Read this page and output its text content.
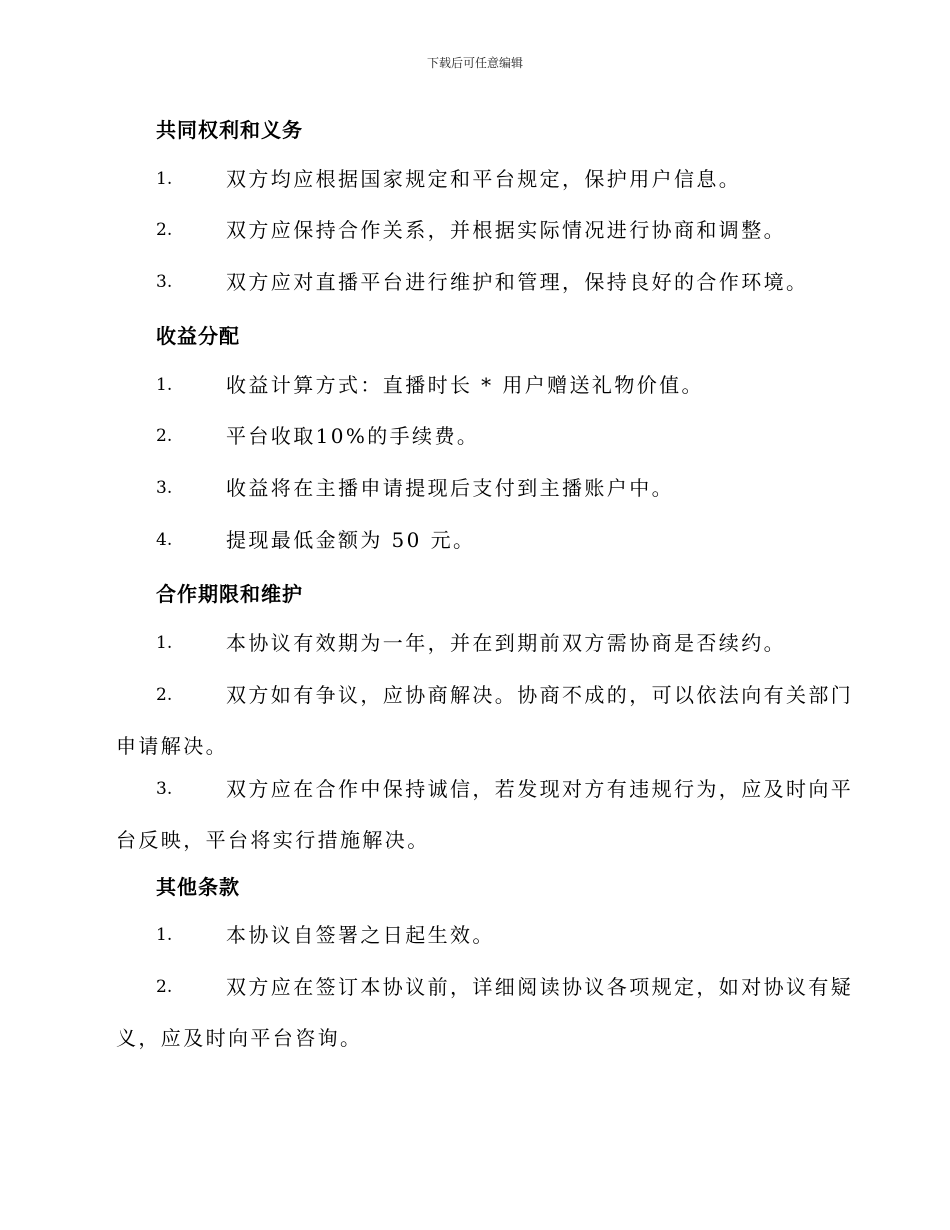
下载后可任意编辑
共同权利和义务
1.	双方均应根据国家规定和平台规定，保护用户信息。
2.	双方应保持合作关系，并根据实际情况进行协商和调整。
3.	双方应对直播平台进行维护和管理，保持良好的合作环境。
收益分配
1.	收益计算方式：直播时长 * 用户赠送礼物价值。
2.	平台收取10%的手续费。
3.	收益将在主播申请提现后支付到主播账户中。
4.	提现最低金额为 50 元。
合作期限和维护
1.	本协议有效期为一年，并在到期前双方需协商是否续约。
2.	双方如有争议，应协商解决。协商不成的，可以依法向有关部门
申请解决。
3.	双方应在合作中保持诚信，若发现对方有违规行为，应及时向平
台反映，平台将实行措施解决。
其他条款
1.	本协议自签署之日起生效。
2.	双方应在签订本协议前，详细阅读协议各项规定，如对协议有疑
义，应及时向平台咨询。
